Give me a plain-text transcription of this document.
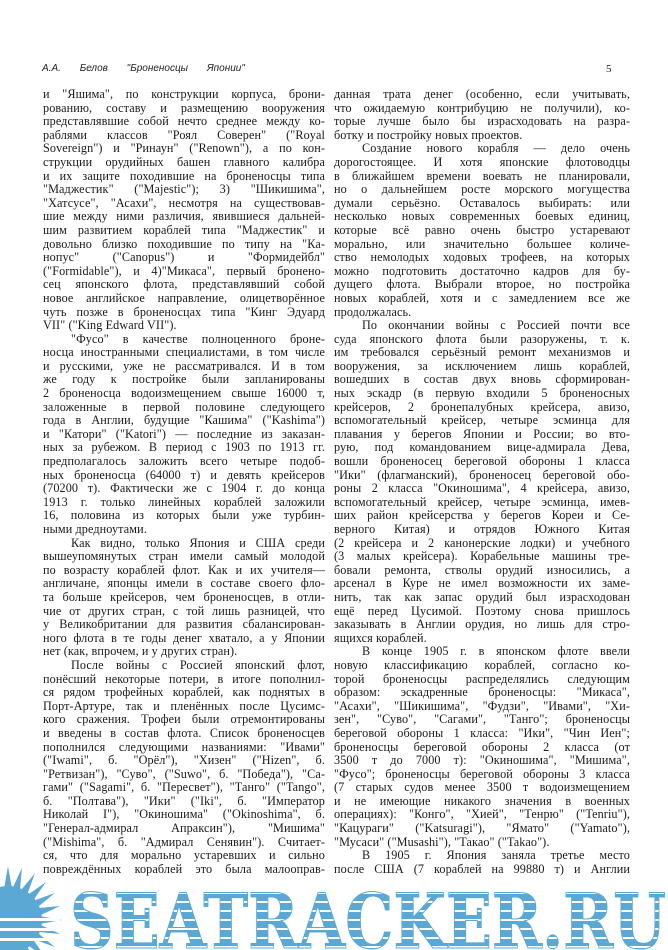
А.А. Белов "Броненосцы Японии"	5
и "Яшима", по конструкции корпуса, брони-
рованию, составу и размещению вооружения
представлявшие собой нечто среднее между ко-
раблями классов "Роял Соверен" ("Royal
Sovereign") и "Ринаун" ("Renown"), а по кон-
струкции орудийных башен главного калибра
и их защите походившие на броненосцы типа
"Маджестик" ("Majestic"); 3) "Шикишима",
"Хатсусе", "Асахи", несмотря на существовав-
шие между ними различия, явившиеся дальней-
шим развитием кораблей типа "Маджестик" и
довольно близко походившие по типу на "Ка-
нопус" ("Canopus") и "Формидейбл"
("Formidable"), и 4)"Микаса", первый бронено-
сец японского флота, представлявший собой
новое английское направление, олицетворённое
чуть позже в броненосцах типа "Кинг Эдуард
VII" ("King Edward VII").
"Фусо" в качестве полноценного броне-
носца иностранными специалистами, в том числе
и русскими, уже не рассматривался. И в том
же году к постройке были запланированы
2 броненосца водоизмещением свыше 16000 т,
заложенные в первой половине следующего
года в Англии, будущие "Кашима" ("Kashima")
и "Катори" ("Katori") — последние из заказан-
ных за рубежом. В период с 1903 по 1913 гг.
предполагалось заложить всего четыре подоб-
ных броненосца (64000 т) и девять крейсеров
(70200 т). Фактически же с 1904 г. до конца
1913 г. только линейных кораблей заложили
16, половина из которых были уже турбин-
ными дредноутами.
Как видно, только Япония и США среди
вышеупомянутых стран имели самый молодой
по возрасту кораблей флот. Как и их учителя—
англичане, японцы имели в составе своего фло-
та больше крейсеров, чем броненосцев, в отли-
чие от других стран, с той лишь разницей, что
у Великобритании для развития сбалансирован-
ного флота в те годы денег хватало, а у Японии
нет (как, впрочем, и у других стран).
После войны с Россией японский флот,
понёсший некоторые потери, в итоге пополнил-
ся рядом трофейных кораблей, как поднятых в
Порт-Артуре, так и пленённых после Цусимс-
кого сражения. Трофеи были отремонтированы
и введены в состав флота. Список броненосцев
пополнился следующими названиями: "Ивами"
("Iwami", б. "Орёл"), "Хизен" ("Hizen", б.
"Ретвизан"), "Суво", ("Suwo", б. "Победа"), "Са-
гами" ("Sagami", б. "Пересвет"), "Танго" ("Tango",
б. "Полтава"), "Ики" ("Iki", б. "Император
Николай I"), "Окиношима" ("Okinoshima", б.
"Генерал-адмирал Апраксин"), "Мишима"
("Mishima", б. "Адмирал Сенявин"). Считает-
ся, что для морально устаревших и сильно
повреждённых кораблей это была малооправ-
данная трата денег (особенно, если учитывать,
что ожидаемую контрибуцию не получили), ко-
торые лучше было бы израсходовать на разра-
ботку и постройку новых проектов.
Создание нового корабля — дело очень
дорогостоящее. И хотя японские флотоводцы
в ближайшем времени воевать не планировали,
но о дальнейшем росте морского могущества
думали серьёзно. Оставалось выбирать: или
несколько новых современных боевых единиц,
которые всё равно очень быстро устаревают
морально, или значительно большее количе-
ство немолодых ходовых трофеев, на которых
можно подготовить достаточно кадров для бу-
дущего флота. Выбрали второе, но постройка
новых кораблей, хотя и с замедлением все же
продолжалась.
По окончании войны с Россией почти все
суда японского флота были разоружены, т. к.
им требовался серьёзный ремонт механизмов и
вооружения, за исключением лишь кораблей,
вошедших в состав двух вновь сформирован-
ных эскадр (в первую входили 5 броненосных
крейсеров, 2 бронепалубных крейсера, авизо,
вспомогательный крейсер, четыре эсминца для
плавания у берегов Японии и России; во вто-
рую, под командованием вице-адмирала Дева,
вошли броненосец береговой обороны 1 класса
"Ики" (флагманский), броненосец береговой обо-
роны 2 класса "Окиношима", 4 крейсера, авизо,
вспомогательный крейсер, четыре эсминца, имев-
ших район крейсерства у берегов Кореи и Се-
верного Китая) и отрядов Южного Китая
(2 крейсера и 2 канонерские лодки) и учебного
(3 малых крейсера). Корабельные машины тре-
бовали ремонта, стволы орудий износились, а
арсенал в Куре не имел возможности их заме-
нить, так как запас орудий был израсходован
ещё перед Цусимой. Поэтому снова пришлось
заказывать в Англии орудия, но лишь для стро-
ящихся кораблей.
В конце 1905 г. в японском флоте ввели
новую классификацию кораблей, согласно ко-
торой броненосцы распределялись следующим
образом: эскадренные броненосцы: "Микаса",
"Асахи", "Шикишима", "Фудзи", "Ивами", "Хи-
зен", "Суво", "Сагами", "Танго"; броненосцы
береговой обороны 1 класса: "Ики", "Чин Иен";
броненосцы береговой обороны 2 класса (от
3500 т до 7000 т): "Окиношима", "Мишима",
"Фусо"; броненосцы береговой обороны 3 класса
(7 старых судов менее 3500 т водоизмещением
и не имеющие никакого значения в военных
операциях): "Конго", "Хией", "Тенрю" ("Tenriu"),
"Кацураги" ("Katsuragi"), "Ямато" ("Yamato"),
"Мусаси" ("Musashi"), "Такао" ("Takao").
В 1905 г. Япония заняла третье место
после США (7 кораблей на 99880 т) и Англии
SEATRACKER.RU
